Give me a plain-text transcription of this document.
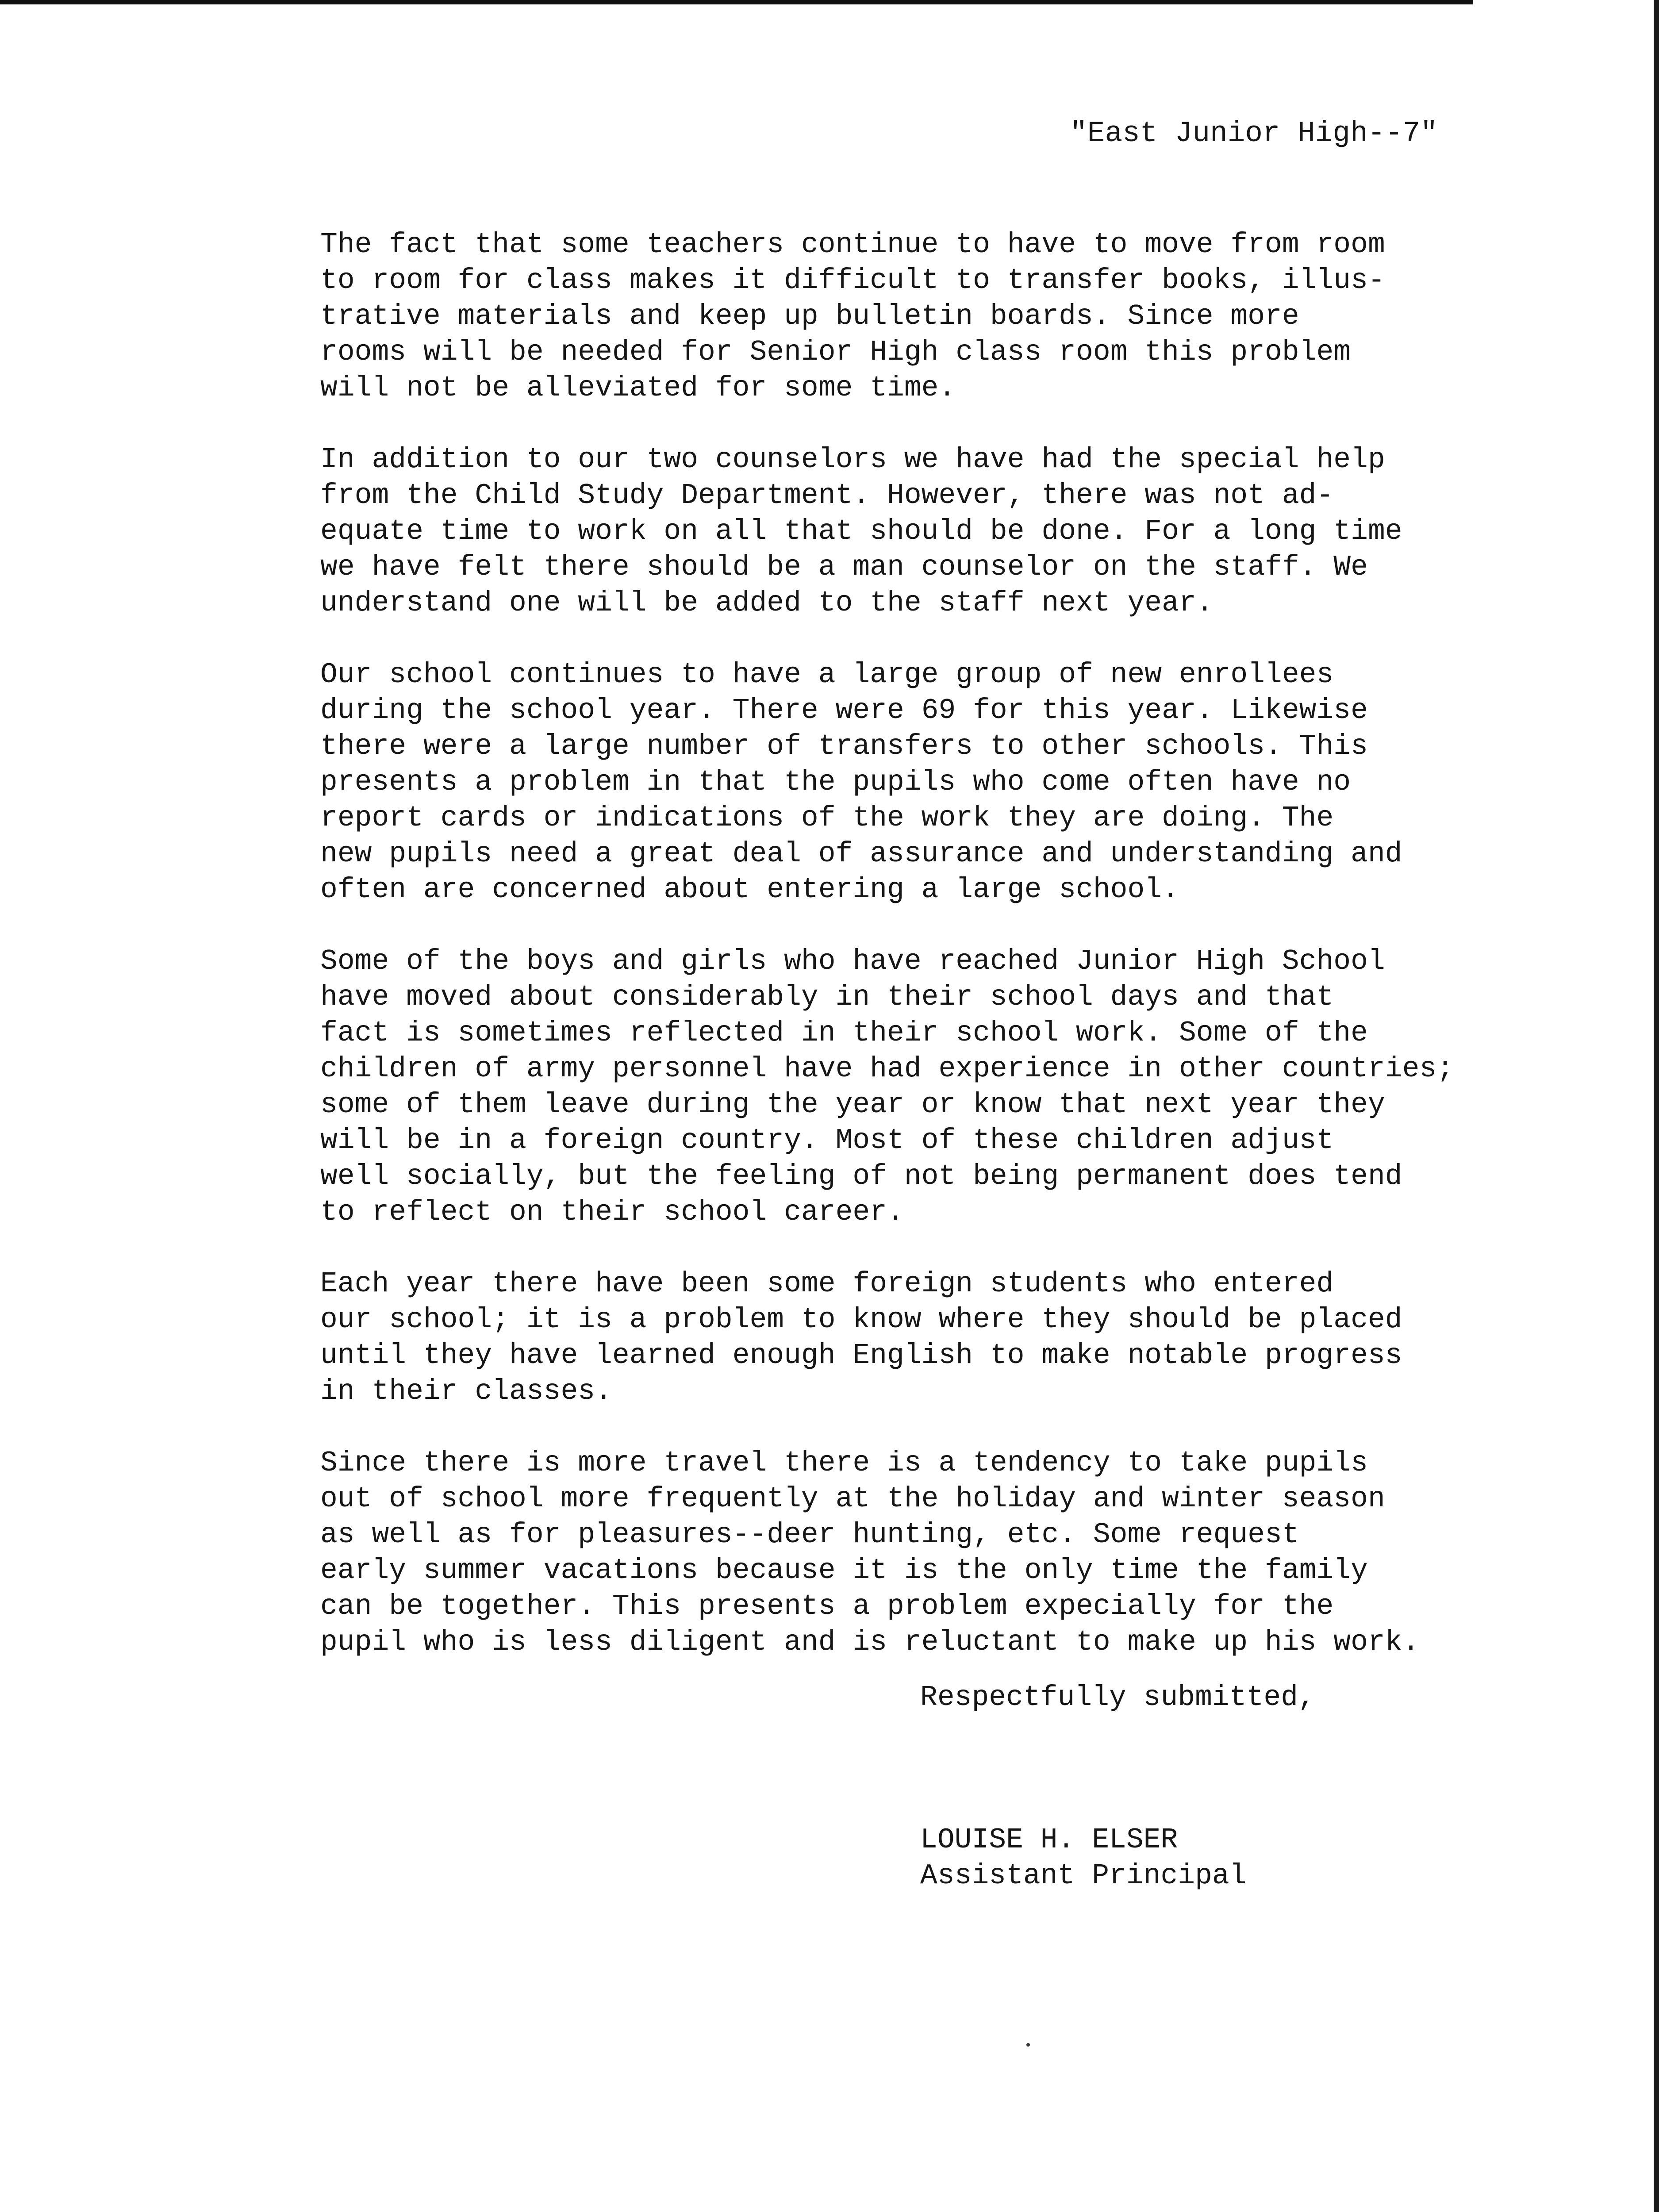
"East Junior High--7"

The fact that some teachers continue to have to move from room
to room for class makes it difficult to transfer books, illus-
trative materials and keep up bulletin boards. Since more
rooms will be needed for Senior High class room this problem
will not be alleviated for some time.

In addition to our two counselors we have had the special help
from the Child Study Department. However, there was not ad-
equate time to work on all that should be done. For a long time
we have felt there should be a man counselor on the staff. We
understand one will be added to the staff next year.

Our school continues to have a large group of new enrollees
during the school year. There were 69 for this year. Likewise
there were a large number of transfers to other schools. This
presents a problem in that the pupils who come often have no
report cards or indications of the work they are doing. The
new pupils need a great deal of assurance and understanding and
often are concerned about entering a large school.

Some of the boys and girls who have reached Junior High School
have moved about considerably in their school days and that
fact is sometimes reflected in their school work. Some of the
children of army personnel have had experience in other countries;
some of them leave during the year or know that next year they
will be in a foreign country. Most of these children adjust
well socially, but the feeling of not being permanent does tend
to reflect on their school career.

Each year there have been some foreign students who entered
our school; it is a problem to know where they should be placed
until they have learned enough English to make notable progress
in their classes.

Since there is more travel there is a tendency to take pupils
out of school more frequently at the holiday and winter season
as well as for pleasures--deer hunting, etc. Some request
early summer vacations because it is the only time the family
can be together. This presents a problem expecially for the
pupil who is less diligent and is reluctant to make up his work.

Respectfully submitted,
LOUISE H. ELSER
Assistant Principal
